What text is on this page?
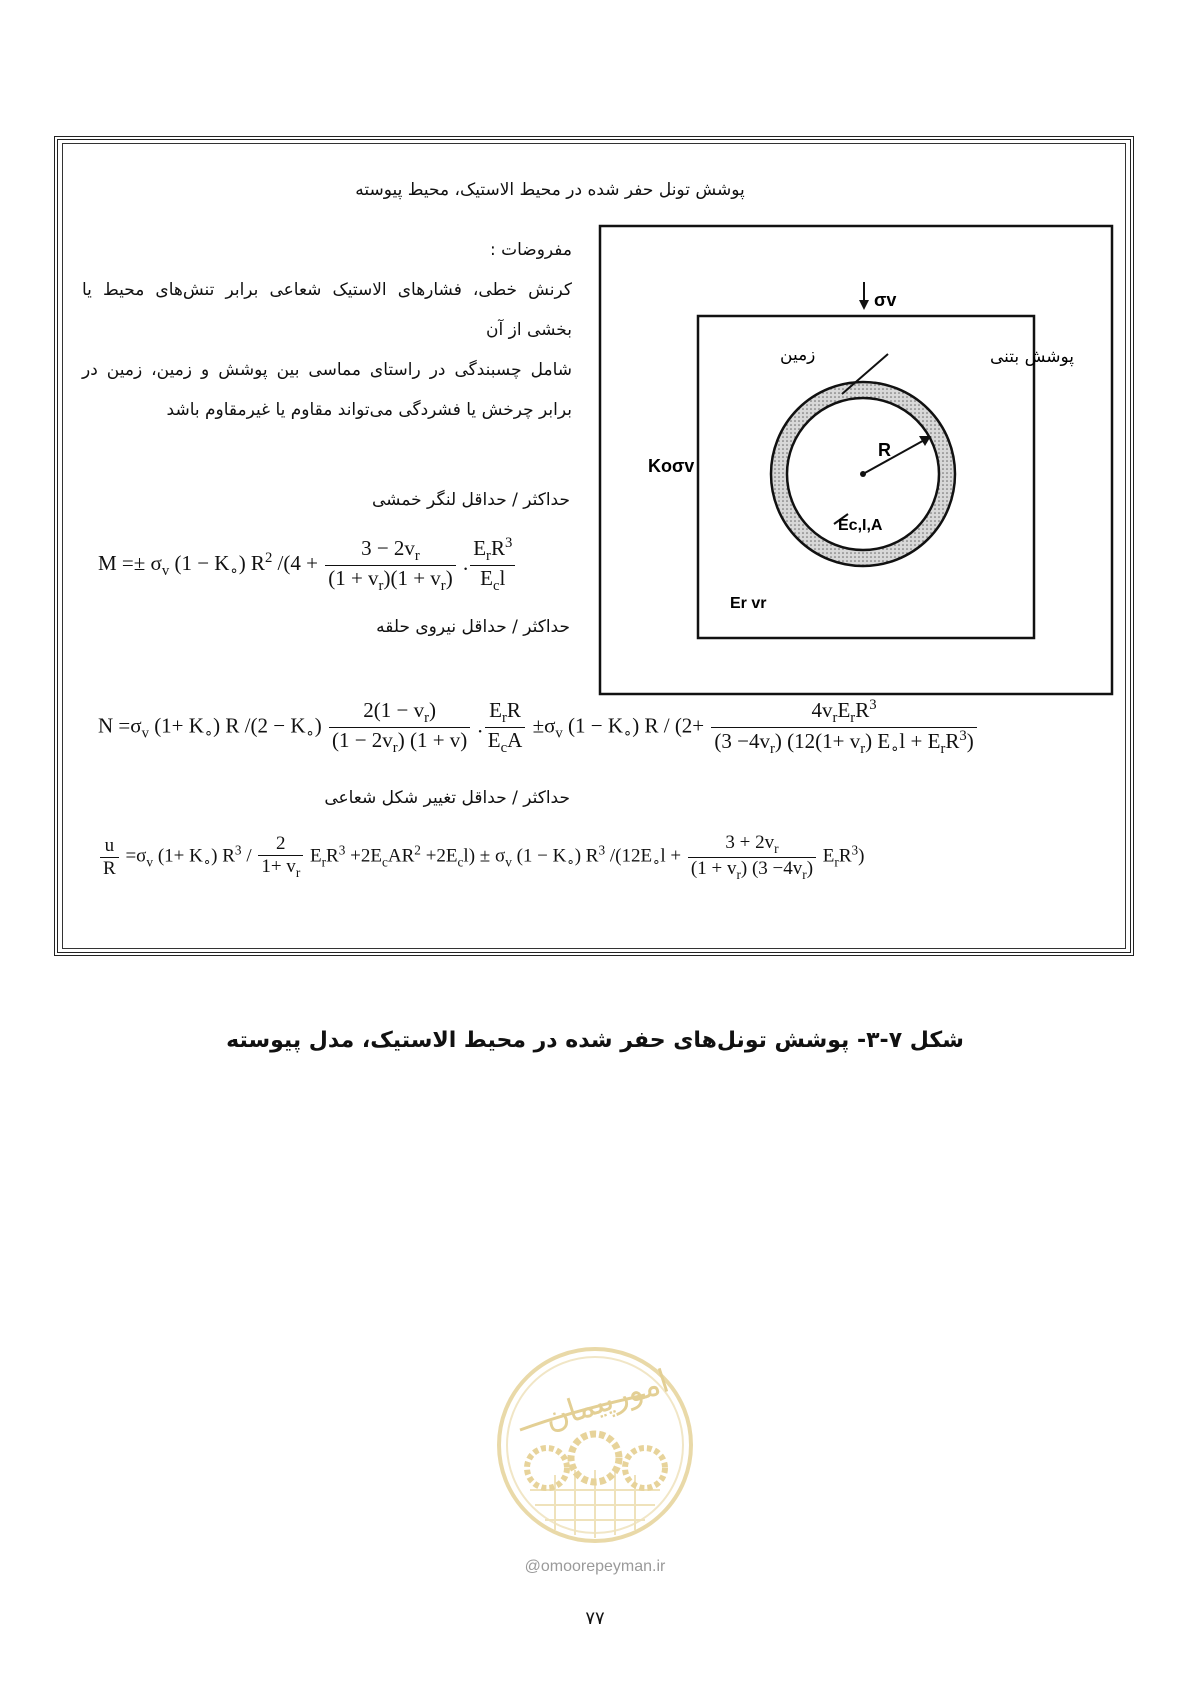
پوشش تونل حفر شده در محیط الاستیک، محیط پیوسته

مفروضات :

کرنش خطی، فشارهای الاستیک شعاعی برابر تنش‌های محیط یا بخشی از آن

شامل چسبندگی در راستای مماسی بین پوشش و زمین، زمین در برابر چرخش یا فشردگی می‌تواند مقاوم یا غیرمقاوم باشد

σv
Koσv
R
زمین	پوشش بتنی
Ec,I,A
Er vr
حداکثر / حداقل لنگر خمشی
$M =\pm \sigma_v$ $(1 - K_\circ)$ $R^2$ $/(4 + \frac{3 - 2v_r}{(1 + v_r)(1 + v_r)}$ . $\frac{E_rR^3}{E_cl}$
حداکثر / حداقل نیروی حلقه
$N =\sigma_v$ $(1+ K_\circ)$ R $/(2 - K_\circ) \frac{2(1 - v_r)}{(1 - 2v_r) (1 + v)}$ . $\frac{E_rR}{E_cA} \pm\sigma_v$ $(1 - K_\circ)$ $R / (2+ \frac{4v_rE_rR^3}{(3 -4v_r) (12(1+ v_r) E_\circ l + E_rR^3)}$
حداکثر / حداقل تغییر شکل شعاعی
$\frac{u}{R} =\sigma_v$ $(1+ K_\circ)$ $R^3 / \frac{2}{1+ v_r} E_rR^3 +2E_cAR^2 +2E_cl) \pm \sigma_v$ $(1 - K_\circ)$ $R^3$ $/(12E_\circ l + \frac{3 + 2v_r}{(1 + v_r) (3 -4v_r)} E_rR^3)$
شکل ۷-۳- پوشش تونل‌های حفر شده در محیط الاستیک، مدل پیوسته
امورپیمان
@omoorepeyman.ir
۷۷
